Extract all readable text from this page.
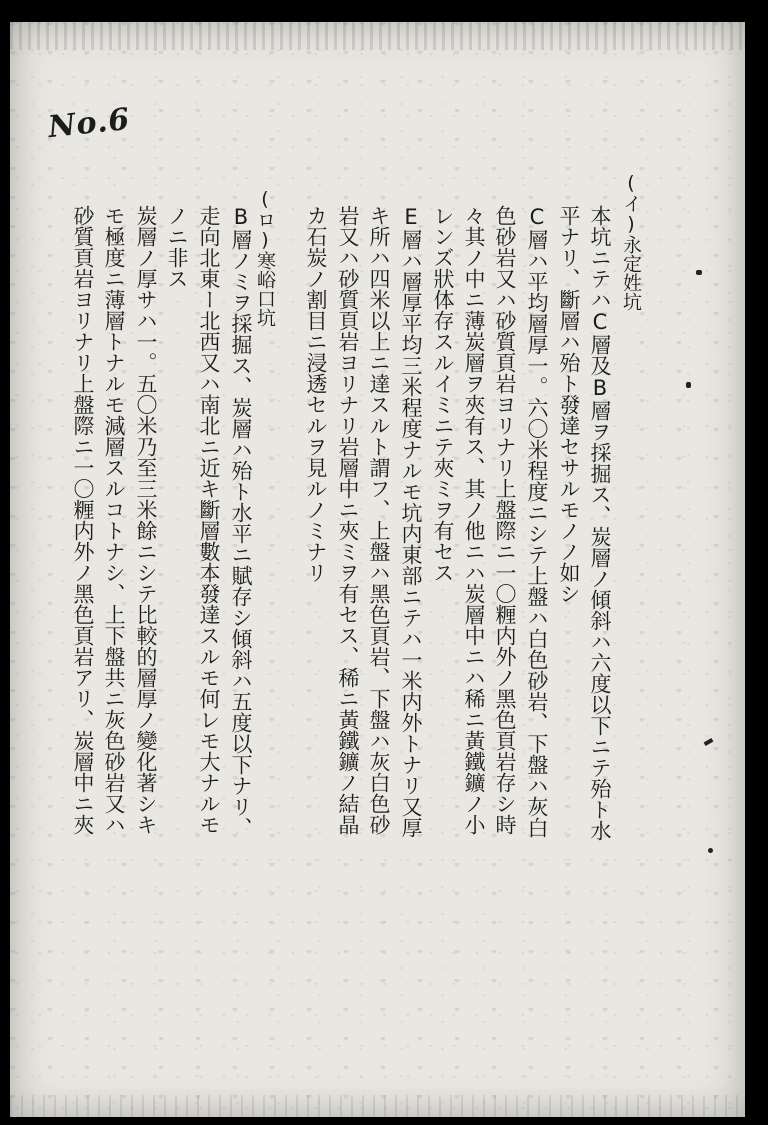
No.6
(イ)永定姓坑
本坑ニテハC層及B層ヲ採掘ス、炭層ノ傾斜ハ六度以下ニテ殆ト水
平ナリ、斷層ハ殆ト發達セサルモノノ如シ
C層ハ平均層厚一。六〇米程度ニシテ上盤ハ白色砂岩、下盤ハ灰白
色砂岩又ハ砂質頁岩ヨリナリ上盤際ニ一〇糎内外ノ黑色頁岩存シ時
々其ノ中ニ薄炭層ヲ夾有ス、其ノ他ニハ炭層中ニハ稀ニ黃鐵鑛ノ小
レンズ狀体存スルイミニテ夾ミヲ有セス
E層ハ層厚平均三米程度ナルモ坑内東部ニテハ一米内外トナリ又厚
キ所ハ四米以上ニ達スルト謂フ、上盤ハ黑色頁岩、下盤ハ灰白色砂
岩又ハ砂質頁岩ヨリナリ岩層中ニ夾ミヲ有セス、稀ニ黃鐵鑛ノ結晶
カ石炭ノ割目ニ浸透セルヲ見ルノミナリ
(ロ)寒峪口坑
B層ノミヲ採掘ス、炭層ハ殆ト水平ニ賦存シ傾斜ハ五度以下ナリ、
走向北東ー北西又ハ南北ニ近キ斷層數本發達スルモ何レモ大ナルモ
ノニ非ス
炭層ノ厚サハ一。五〇米乃至三米餘ニシテ比較的層厚ノ變化著シキ
モ極度ニ薄層トナルモ減層スルコトナシ、上下盤共ニ灰色砂岩又ハ
砂質頁岩ヨリナリ上盤際ニ一〇糎内外ノ黑色頁岩アリ、炭層中ニ夾
